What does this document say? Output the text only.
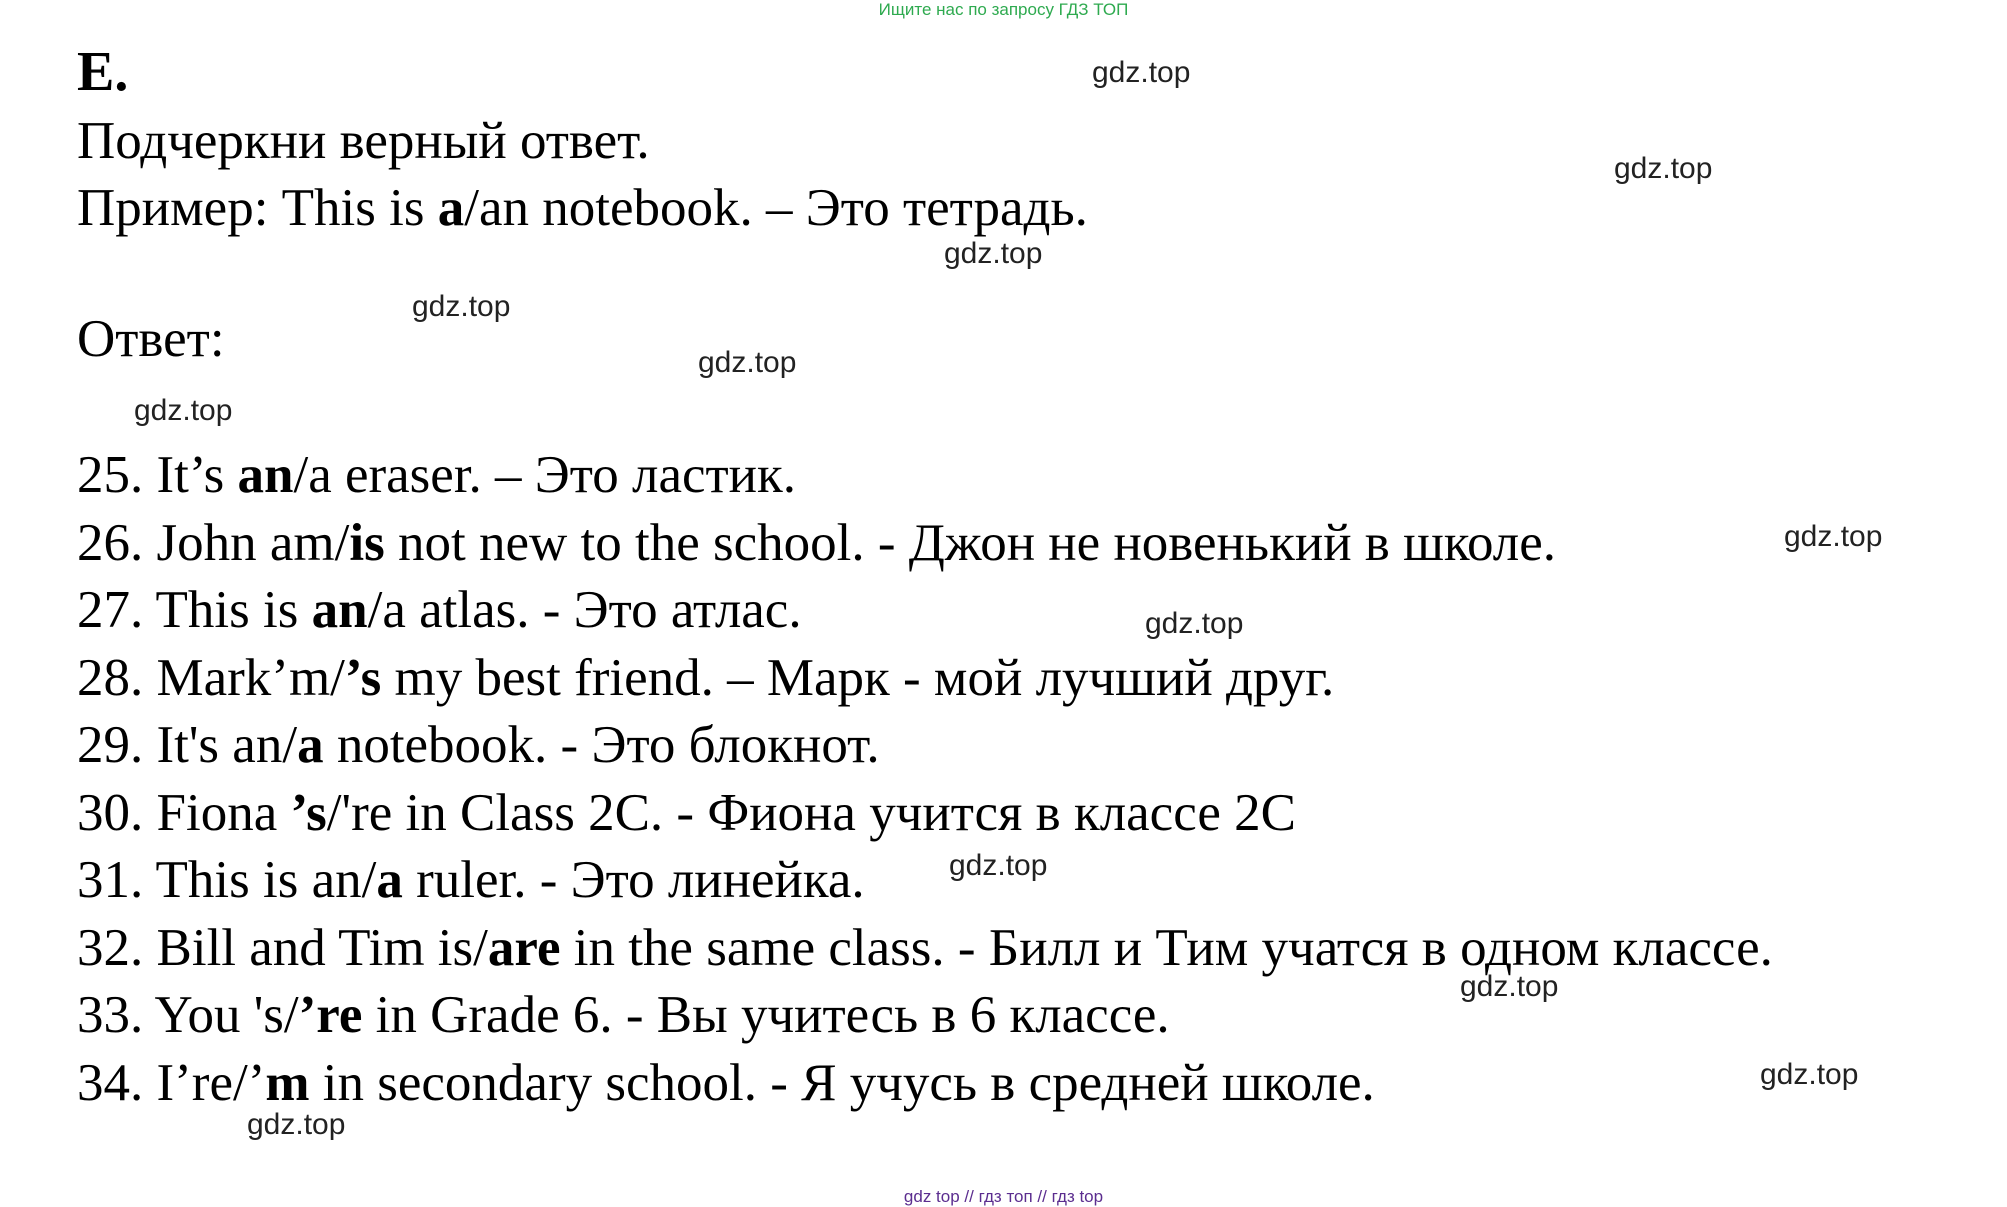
Ищите нас по запросу ГДЗ ТОП
E.
Подчеркни верный ответ.
Пример: This is a/an notebook. – Это тетрадь.
Ответ:
25. It’s an/a eraser. – Это ластик.
26. John am/is not new to the school. - Джон не новенький в школе.
27. This is an/a atlas. - Это атлас.
28. Mark’m/’s my best friend. – Марк - мой лучший друг.
29. It's an/a notebook. - Это блокнот.
30. Fiona ’s/'re in Class 2C. - Фиона учится в классе 2С
31. This is an/a ruler. - Это линейка.
32. Bill and Tim is/are in the same class. - Билл и Тим учатся в одном классе.
33. You 's/’re in Grade 6. - Вы учитесь в 6 классе.
34. I’re/’m in secondary school. - Я учусь в средней школе.
gdz.top
gdz.top
gdz.top
gdz.top
gdz.top
gdz.top
gdz.top
gdz.top
gdz.top
gdz.top
gdz.top
gdz.top
gdz top // гдз топ // гдз top
